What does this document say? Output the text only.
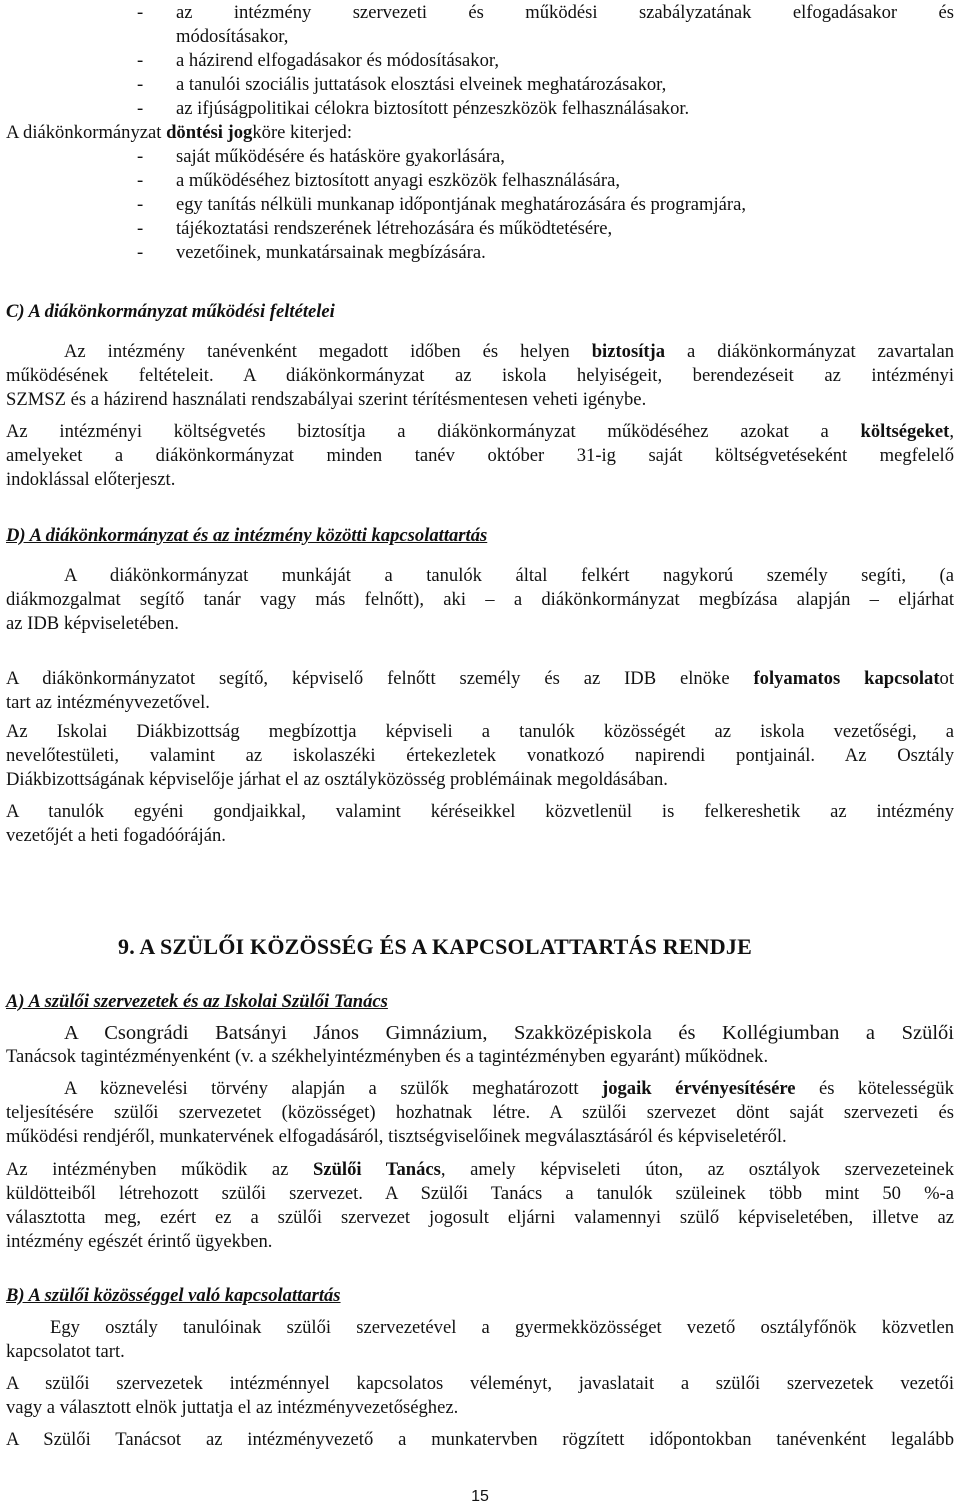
-	az intézmény szervezeti és működési szabályzatának elfogadásakor és
módosításakor,
-	a házirend elfogadásakor és módosításakor,
-	a tanulói szociális juttatások elosztási elveinek meghatározásakor,
-	az ifjúságpolitikai célokra biztosított pénzeszközök felhasználásakor.
A diákönkormányzat döntési jogköre kiterjed:
-	saját működésére és hatásköre gyakorlására,
-	a működéséhez biztosított anyagi eszközök felhasználására,
-	egy tanítás nélküli munkanap időpontjának meghatározására és programjára,
-	tájékoztatási rendszerének létrehozására és működtetésére,
-	vezetőinek, munkatársainak megbízására.
C) A diákönkormányzat működési feltételei
Az intézmény tanévenként megadott időben és helyen biztosítja a diákönkormányzat zavartalan
működésének feltételeit. A diákönkormányzat az iskola helyiségeit, berendezéseit az intézményi
SZMSZ és a házirend használati rendszabályai szerint térítésmentesen veheti igénybe.
Az intézményi költségvetés biztosítja a diákönkormányzat működéséhez azokat a költségeket,
amelyeket a diákönkormányzat minden tanév október 31-ig saját költségvetéseként megfelelő
indoklással előterjeszt.
D) A diákönkormányzat és az intézmény közötti kapcsolattartás
A diákönkormányzat munkáját a tanulók által felkért nagykorú személy segíti, (a
diákmozgalmat segítő tanár vagy más felnőtt), aki – a diákönkormányzat megbízása alapján – eljárhat
az IDB képviseletében.
A diákönkormányzatot segítő, képviselő felnőtt személy és az IDB elnöke folyamatos kapcsolatot
tart az intézményvezetővel.
Az Iskolai Diákbizottság megbízottja képviseli a tanulók közösségét az iskola vezetőségi, a
nevelőtestületi, valamint az iskolaszéki értekezletek vonatkozó napirendi pontjainál. Az Osztály
Diákbizottságának képviselője járhat el az osztályközösség problémáinak megoldásában.
A tanulók egyéni gondjaikkal, valamint kéréseikkel közvetlenül is felkereshetik az intézmény
vezetőjét a heti fogadóóráján.
9. A SZÜLŐI KÖZÖSSÉG ÉS A KAPCSOLATTARTÁS RENDJE
A) A szülői szervezetek és az Iskolai Szülői Tanács
A Csongrádi Batsányi János Gimnázium, Szakközépiskola és Kollégiumban a Szülői
Tanácsok tagintézményenként (v. a székhelyintézményben és a tagintézményben egyaránt) működnek.
A köznevelési törvény alapján a szülők meghatározott jogaik érvényesítésére és kötelességük
teljesítésére szülői szervezetet (közösséget) hozhatnak létre. A szülői szervezet dönt saját szervezeti és
működési rendjéről, munkatervének elfogadásáról, tisztségviselőinek megválasztásáról és képviseletéről.
Az intézményben működik az Szülői Tanács, amely képviseleti úton, az osztályok szervezeteinek
küldötteiből létrehozott szülői szervezet. A Szülői Tanács a tanulók szüleinek több mint 50 %-a
választotta meg, ezért ez a szülői szervezet jogosult eljárni valamennyi szülő képviseletében, illetve az
intézmény egészét érintő ügyekben.
B) A szülői közösséggel való kapcsolattartás
Egy osztály tanulóinak szülői szervezetével a gyermekközösséget vezető osztályfőnök közvetlen
kapcsolatot tart.
A szülői szervezetek intézménnyel kapcsolatos véleményt, javaslatait a szülői szervezetek vezetői
vagy a választott elnök juttatja el az intézményvezetőséghez.
A Szülői Tanácsot az intézményvezető a munkatervben rögzített időpontokban tanévenként legalább
15
